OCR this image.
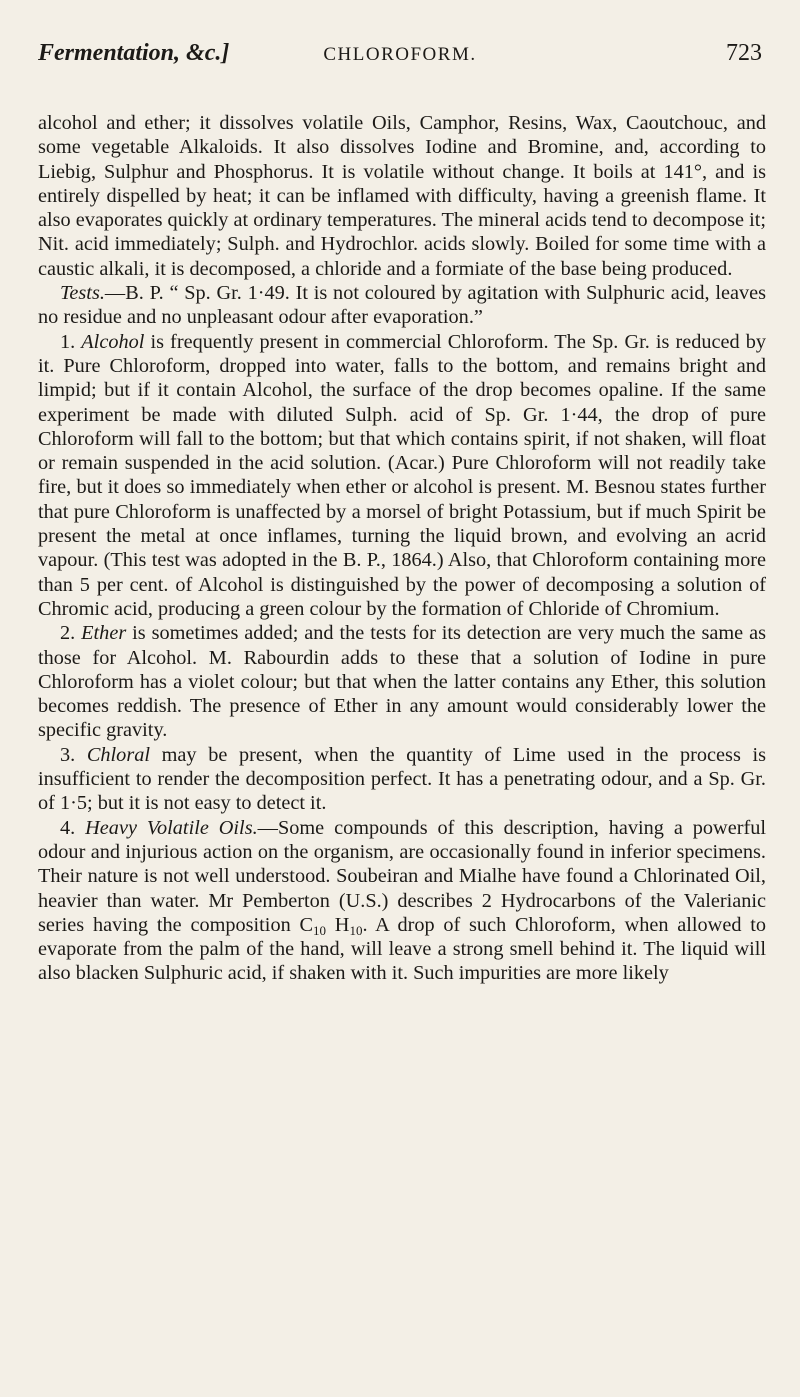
Fermentation, &c.]	CHLOROFORM.	723

alcohol and ether; it dissolves volatile Oils, Camphor, Resins, Wax, Caoutchouc, and some vegetable Alkaloids. It also dissolves Iodine and Bromine, and, according to Liebig, Sulphur and Phosphorus. It is volatile without change. It boils at 141°, and is entirely dispelled by heat; it can be inflamed with difficulty, having a greenish flame. It also evaporates quickly at ordinary temperatures. The mineral acids tend to decompose it; Nit. acid immediately; Sulph. and Hydrochlor. acids slowly. Boiled for some time with a caustic alkali, it is decomposed, a chloride and a formiate of the base being produced.

Tests.—B. P. “ Sp. Gr. 1·49. It is not coloured by agitation with Sulphuric acid, leaves no residue and no unpleasant odour after evaporation.”

1. Alcohol is frequently present in commercial Chloroform. The Sp. Gr. is reduced by it. Pure Chloroform, dropped into water, falls to the bottom, and remains bright and limpid; but if it contain Alcohol, the surface of the drop becomes opaline. If the same experiment be made with diluted Sulph. acid of Sp. Gr. 1·44, the drop of pure Chloroform will fall to the bottom; but that which contains spirit, if not shaken, will float or remain suspended in the acid solution. (Acar.) Pure Chloroform will not readily take fire, but it does so immediately when ether or alcohol is present. M. Besnou states further that pure Chloroform is unaffected by a morsel of bright Potassium, but if much Spirit be present the metal at once inflames, turning the liquid brown, and evolving an acrid vapour. (This test was adopted in the B. P., 1864.) Also, that Chloroform containing more than 5 per cent. of Alcohol is distinguished by the power of decomposing a solution of Chromic acid, producing a green colour by the formation of Chloride of Chromium.

2. Ether is sometimes added; and the tests for its detection are very much the same as those for Alcohol. M. Rabourdin adds to these that a solution of Iodine in pure Chloroform has a violet colour; but that when the latter contains any Ether, this solution becomes reddish. The presence of Ether in any amount would considerably lower the specific gravity.

3. Chloral may be present, when the quantity of Lime used in the process is insufficient to render the decomposition perfect. It has a penetrating odour, and a Sp. Gr. of 1·5; but it is not easy to detect it.

4. Heavy Volatile Oils.—Some compounds of this description, having a powerful odour and injurious action on the organism, are occasionally found in inferior specimens. Their nature is not well understood. Soubeiran and Mialhe have found a Chlorinated Oil, heavier than water. Mr Pemberton (U.S.) describes 2 Hydrocarbons of the Valerianic series having the composition $C_{10}$ $H_{10}$. A drop of such Chloroform, when allowed to evaporate from the palm of the hand, will leave a strong smell behind it. The liquid will also blacken Sulphuric acid, if shaken with it. Such impurities are more likely
